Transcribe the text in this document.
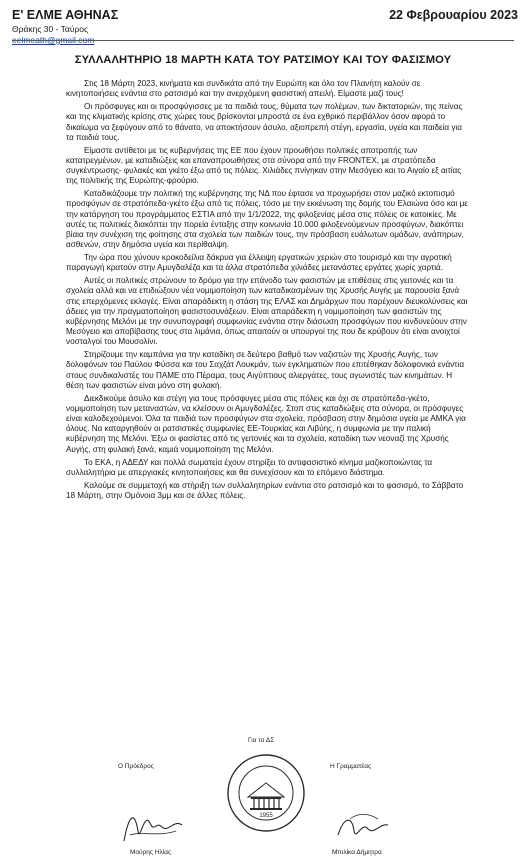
Ε' ΕΛΜΕ ΑΘΗΝΑΣ	22 Φεβρουαρίου 2023
Θράκης 30 - Ταύρος
eelmeath@gmail.com
ΣΥΛΛΑΛΗΤΗΡΙΟ 18 ΜΑΡΤΗ ΚΑΤΑ ΤΟΥ ΡΑΤΣΙΜΟΥ ΚΑΙ ΤΟΥ ΦΑΣΙΣΜΟΥ

Στις 18 Μάρτη 2023, κινήματα και συνδικάτα από την Ευρώπη και όλο τον Πλανήτη καλούν σε κινητοποιήσεις ενάντια στο ρατσισμό και την ανερχόμενη φασιστική απειλή. Είμαστε μαζί τους!

Οι πρόσφυγες και οι προσφύγισσες με τα παιδιά τους, θύματα των πολέμων, των δικτατοριών, της πείνας και της κλιματικής κρίσης στις χώρες τους βρίσκονται μπροστά σε ένα εχθρικό περιβάλλον όσον αφορά το δικαίωμα να ξεφύγουν από το θάνατο, να αποκτήσουν άσυλο, αξιοπρεπή στέγη, εργασία, υγεία και παιδεία για τα παιδιά τους.

Είμαστε αντίθετοι με τις κυβερνήσεις της ΕΕ που έχουν προωθήσει πολιτικές αποτροπής των κατατρεγμένων, με καταδιώξεις και επαναπροωθήσεις στα σύνορα από την FRONTEX, με στρατόπεδα συγκέντρωσης- φυλακές και γκέτο έξω από τις πόλεις. Χιλιάδες πνίγηκαν στην Μεσόγειο και το Αιγαίο εξ αιτίας της πολιτικής της Ευρώπης-φρούριο.

Καταδικάζουμε την πολιτική της κυβέρνησης της ΝΔ που έφτασε να προχωρήσει στον μαζικό εκτοπισμό προσφύγων σε στρατόπεδα-γκέτο έξω από τις πόλεις, τόσο με την εκκένωση της δομής του Ελαιώνα όσο και με την κατάργηση του προγράμματος ΕΣΤΙΑ από την 1/1/2022, της φιλοξενίας μέσα στις πόλεις σε κατοικίες. Με αυτές τις πολιτικές διακόπτει την πορεία ένταξης στην κοινωνία 10.000 φιλοξενούμενων προσφύγων, διακόπτει βίαια την συνέχιση της φοίτησης στα σχολεία των παιδιών τους, την πρόσβαση ευάλωτων ομάδων, ανάπηρων, ασθενών, στην δημόσια υγεία και περίθαλψη.

Την ώρα που χύνουν κροκοδείλια δάκρυα για έλλειψη εργατικών χεριών στο τουρισμό και την αγροτική παραγωγή κρατούν στην Αμυγδαλέζα και τα άλλα στρατόπεδα χιλιάδες μετανάστες εργάτες χωρίς χαρτιά.

Αυτές οι πολιτικές στρώνουν το δρόμο για την επάνοδο των φασιστών με επιθέσεις στις γειτονιές και τα σχολεία αλλά και να επιδιώξουν νέα νομιμοποίηση των καταδικασμένων της Χρυσής Αυγής με παρουσία ξανά στις επερχόμενες εκλογές. Είναι απαράδεκτη η στάση της ΕΛΑΣ και Δημάρχων που παρέχουν διευκολύνσεις και άδειες για την πραγματοποίηση φασιστοσυνάξεων. Είναι απαράδεκτη η νομιμοποίηση των φασιστών της κυβέρνησης Μελόνι με την συνυπογραφή συμφωνίας ενάντια στην διάσωση προσφύγων που κινδυνεύουν στην Μεσόγειο και αποβίβασης τους στα λιμάνια, όπως απαιτούν οι υπουργοί της που δε κρύβουν ότι είναι ανοιχτοί νοσταλγοί του Μουσολίνι.

Στηρίζουμε την καμπάνια για την καταδίκη σε δεύτερο βαθμό των ναζιστών της Χρυσής Αυγής, των δολοφόνων του Παύλου Φύσσα και του Σαχζάτ Λουκμάν, των εγκληματιών που επιτέθηκαν δολοφονικά ενάντια στους συνδικαλιστές του ΠΑΜΕ στο Πέραμα, τους Αιγύπτιους αλιεργάτες, τους αγωνιστές των κινημάτων. Η θέση των φασιστών είναι μόνο στη φυλακή.

Διεκδικούμε άσυλο και στέγη για τους πρόσφυγες μέσα στις πόλεις και όχι σε στρατόπεδα-γκέτο, νομιμοποίηση των μεταναστών, να κλείσουν οι Αμυγδαλέζες. Στοπ στις καταδιώξεις στα σύνορα, οι πρόσφυγες είναι καλοδεχούμενοι. Όλα τα παιδιά των προσφύγων στα σχολεία, πρόσβαση στην δημόσια υγεία με ΑΜΚΑ για όλους. Να καταργηθούν οι ρατσιστικές συμφωνίες ΕΕ-Τουρκίας και Λιβύης, η συμφωνία με την ιταλική κυβέρνηση της Μελόνι. Έξω οι φασίστες από τις γειτονιές και τα σχολεία, καταδίκη των νεοναζί της Χρυσής Αυγής, στη φυλακή ξανά, καμιά νομιμοποίηση της Μελόνι.

Το ΕΚΑ, η ΑΔΕΔΥ και πολλά σωματεία έχουν στηρίξει το αντιφασιστικό κίνημα μαζικοποιώντας τα συλλαλητήρια με απεργιακές κινητοποιήσεις και θα συνεχίσουν και το επόμενο διάστημα.

Καλούμε σε συμμετοχή και στήριξη των συλλαλητηρίων ενάντια στο ρατσισμό και το φασισμό, το Σάββατο 18 Μάρτη, στην Ομόνοια 3μμ και σε άλλες πόλεις.

Για το ΔΣ
Ο Πρόεδρος	Η Γραμματέας
1955
Μούρης Ηλίας	Μπιλίκα Δήμητρα
